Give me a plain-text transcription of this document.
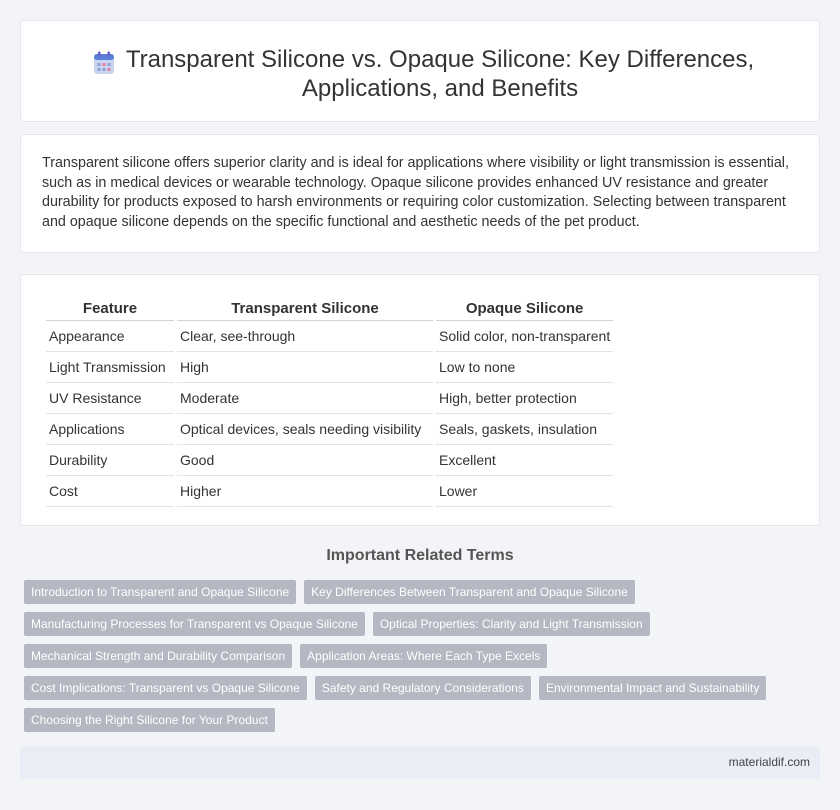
Transparent Silicone vs. Opaque Silicone: Key Differences, Applications, and Benefits

Transparent silicone offers superior clarity and is ideal for applications where visibility or light transmission is essential, such as in medical devices or wearable technology. Opaque silicone provides enhanced UV resistance and greater durability for products exposed to harsh environments or requiring color customization. Selecting between transparent and opaque silicone depends on the specific functional and aesthetic needs of the pet product.

Feature	Transparent Silicone	Opaque Silicone
Appearance	Clear, see-through	Solid color, non-transparent
Light Transmission	High	Low to none
UV Resistance	Moderate	High, better protection
Applications	Optical devices, seals needing visibility	Seals, gaskets, insulation
Durability	Good	Excellent
Cost	Higher	Lower
Important Related Terms
Introduction to Transparent and Opaque Silicone	Key Differences Between Transparent and Opaque Silicone
Manufacturing Processes for Transparent vs Opaque Silicone	Optical Properties: Clarity and Light Transmission
Mechanical Strength and Durability Comparison	Application Areas: Where Each Type Excels
Cost Implications: Transparent vs Opaque Silicone	Safety and Regulatory Considerations	Environmental Impact and Sustainability
Choosing the Right Silicone for Your Product
materialdif.com
